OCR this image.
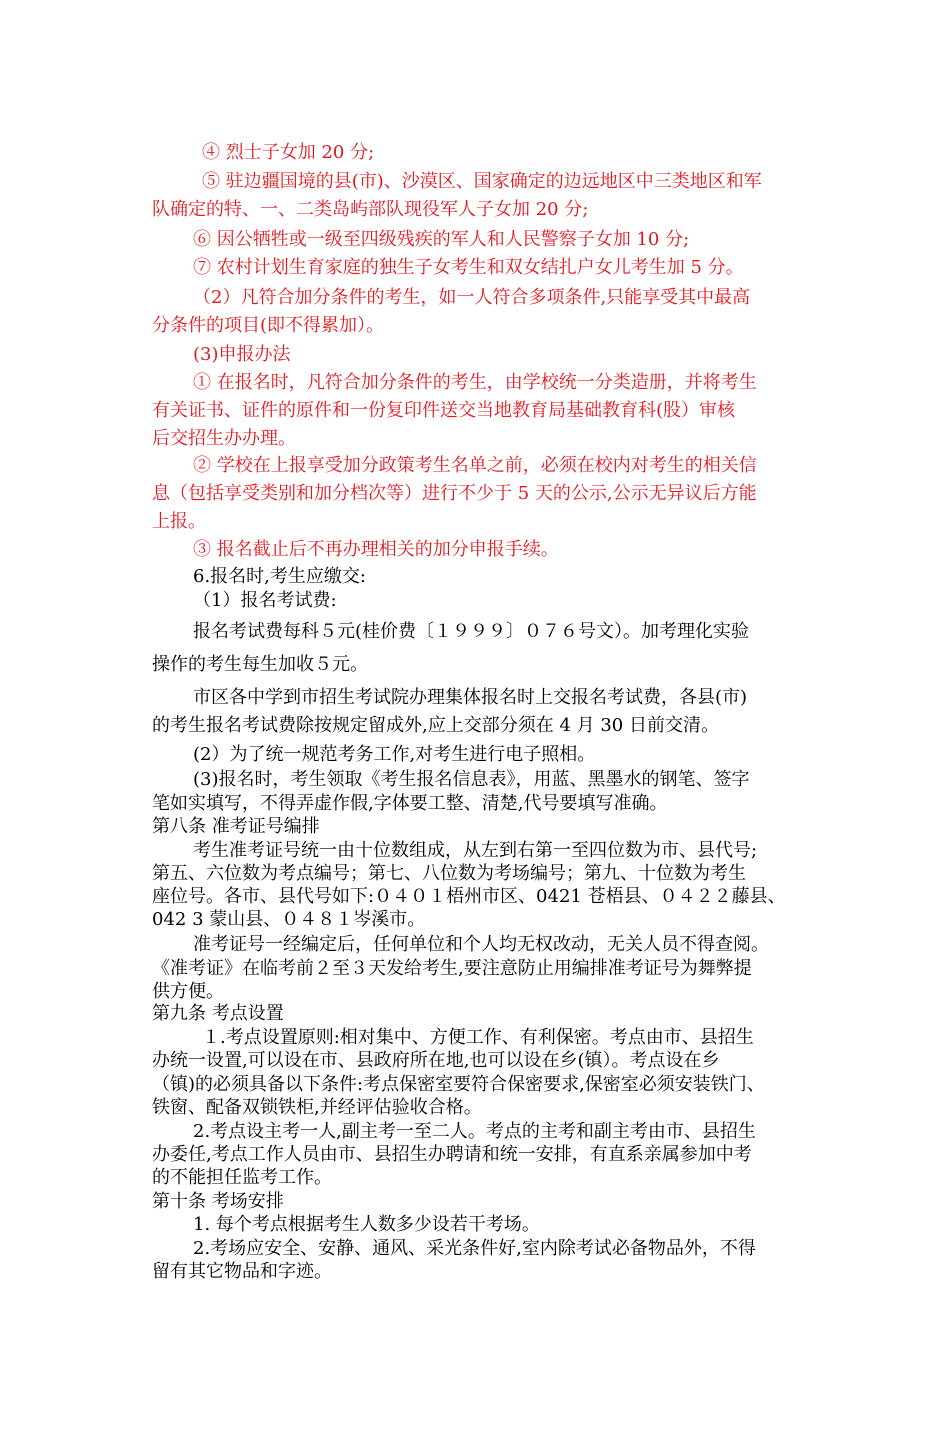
④ 烈士子女加 20 分;
⑤ 驻边疆国境的县(市)、沙漠区、国家确定的边远地区中三类地区和军
队确定的特、一、二类岛屿部队现役军人子女加 20 分;
⑥ 因公牺牲或一级至四级残疾的军人和人民警察子女加 10 分;
⑦ 农村计划生育家庭的独生子女考生和双女结扎户女儿考生加 5 分。
（2）凡符合加分条件的考生，如一人符合多项条件,只能享受其中最高
分条件的项目(即不得累加）。
(3)申报办法
① 在报名时，凡符合加分条件的考生，由学校统一分类造册，并将考生
有关证书、证件的原件和一份复印件送交当地教育局基础教育科(股）审核
后交招生办办理。
② 学校在上报享受加分政策考生名单之前，必须在校内对考生的相关信
息（包括享受类别和加分档次等）进行不少于 5 天的公示,公示无异议后方能
上报。
③ 报名截止后不再办理相关的加分申报手续。
6.报名时,考生应缴交:
（1）报名考试费:
报名考试费每科５元(桂价费〔１９９９〕０７６号文）。加考理化实验
操作的考生每生加收５元。
市区各中学到市招生考试院办理集体报名时上交报名考试费，各县(市)
的考生报名考试费除按规定留成外,应上交部分须在 4 月 30 日前交清。
(2）为了统一规范考务工作,对考生进行电子照相。
(3)报名时，考生领取《考生报名信息表》，用蓝、黑墨水的钢笔、签字
笔如实填写，不得弄虚作假,字体要工整、清楚,代号要填写准确。
第八条 准考证号编排
考生准考证号统一由十位数组成，从左到右第一至四位数为市、县代号;
第五、六位数为考点编号；第七、八位数为考场编号；第九、十位数为考生
座位号。各市、县代号如下:０４０１梧州市区、0421 苍梧县、０４２２藤县、
042 3 蒙山县、０４８１岑溪市。
准考证号一经编定后，任何单位和个人均无权改动，无关人员不得查阅。
《准考证》在临考前２至３天发给考生,要注意防止用编排准考证号为舞弊提
供方便。
第九条 考点设置
１.考点设置原则:相对集中、方便工作、有利保密。考点由市、县招生
办统一设置,可以设在市、县政府所在地,也可以设在乡(镇）。考点设在乡
（镇)的必须具备以下条件:考点保密室要符合保密要求,保密室必须安装铁门、
铁窗、配备双锁铁柜,并经评估验收合格。
2.考点设主考一人,副主考一至二人。考点的主考和副主考由市、县招生
办委任,考点工作人员由市、县招生办聘请和统一安排，有直系亲属参加中考
的不能担任监考工作。
第十条 考场安排
1. 每个考点根据考生人数多少设若干考场。
2.考场应安全、安静、通风、采光条件好,室内除考试必备物品外，不得
留有其它物品和字迹。
